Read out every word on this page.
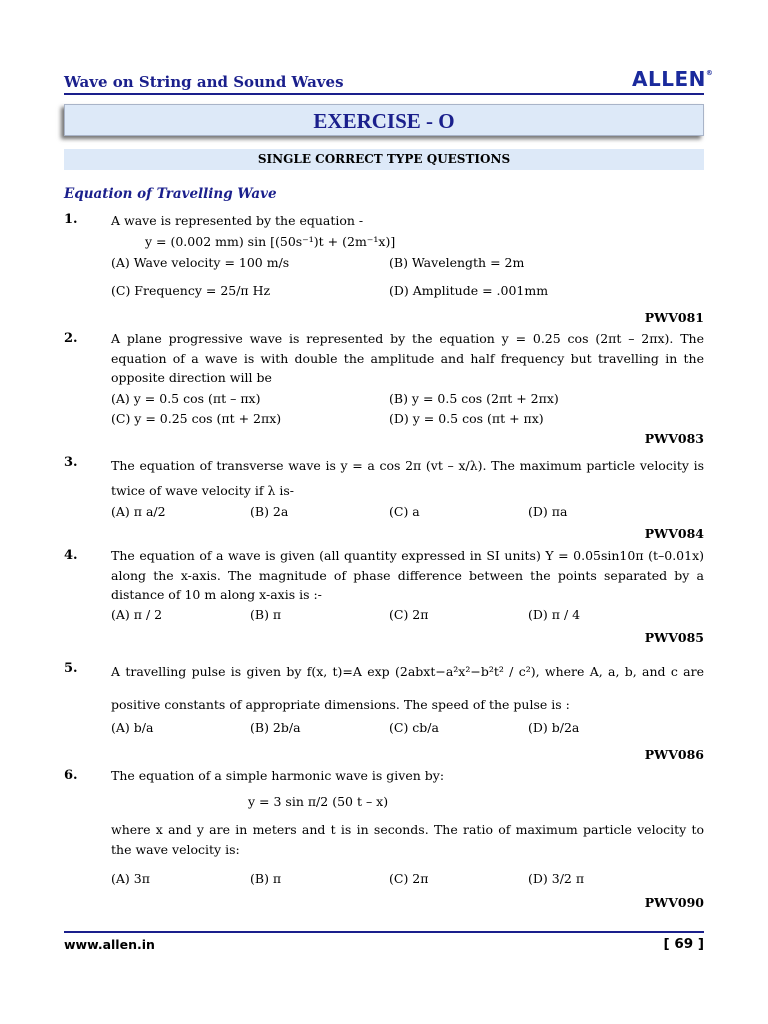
Wave on String and Sound Waves	ALLEN®
EXERCISE - O
SINGLE CORRECT TYPE QUESTIONS
Equation of Travelling Wave
1.	A wave is represented by the equation -
y = (0.002 mm) sin [(50s⁻¹)t + (2m⁻¹x)]
(A) Wave velocity = 100 m/s	(B) Wavelength = 2m
(C) Frequency = 25/π Hz	(D) Amplitude = .001mm
PWV081
2.	A plane progressive wave is represented by the equation y = 0.25 cos (2πt – 2πx). The equation of a wave is with double the amplitude and half frequency but travelling in the opposite direction will be
(A) y = 0.5 cos (πt – πx)	(B) y = 0.5 cos (2πt + 2πx)
(C) y = 0.25 cos (πt + 2πx)	(D) y = 0.5 cos (πt + πx)
PWV083
3.	The equation of transverse wave is y = a cos 2π (vt – x/λ). The maximum particle velocity is twice of wave velocity if λ is-
(A) π a/2	(B) 2a	(C) a	(D) πa
PWV084
4.	The equation of a wave is given (all quantity expressed in SI units) Y = 0.05sin10π (t–0.01x) along the x-axis. The magnitude of phase difference between the points separated by a distance of 10 m along x-axis is :-
(A) π / 2	(B) π	(C) 2π	(D) π / 4
PWV085
5.	A travelling pulse is given by f(x, t)=A exp (2abxt−a²x²−b²t² / c²), where A, a, b, and c are positive constants of appropriate dimensions. The speed of the pulse is :
(A) b/a	(B) 2b/a	(C) cb/a	(D) b/2a
PWV086
6.	The equation of a simple harmonic wave is given by:
y = 3 sin π/2 (50 t – x)
where x and y are in meters and t is in seconds. The ratio of maximum particle velocity to the wave velocity is:
(A) 3π	(B) π	(C) 2π	(D) 3/2 π
PWV090
www.allen.in	[ 69 ]
